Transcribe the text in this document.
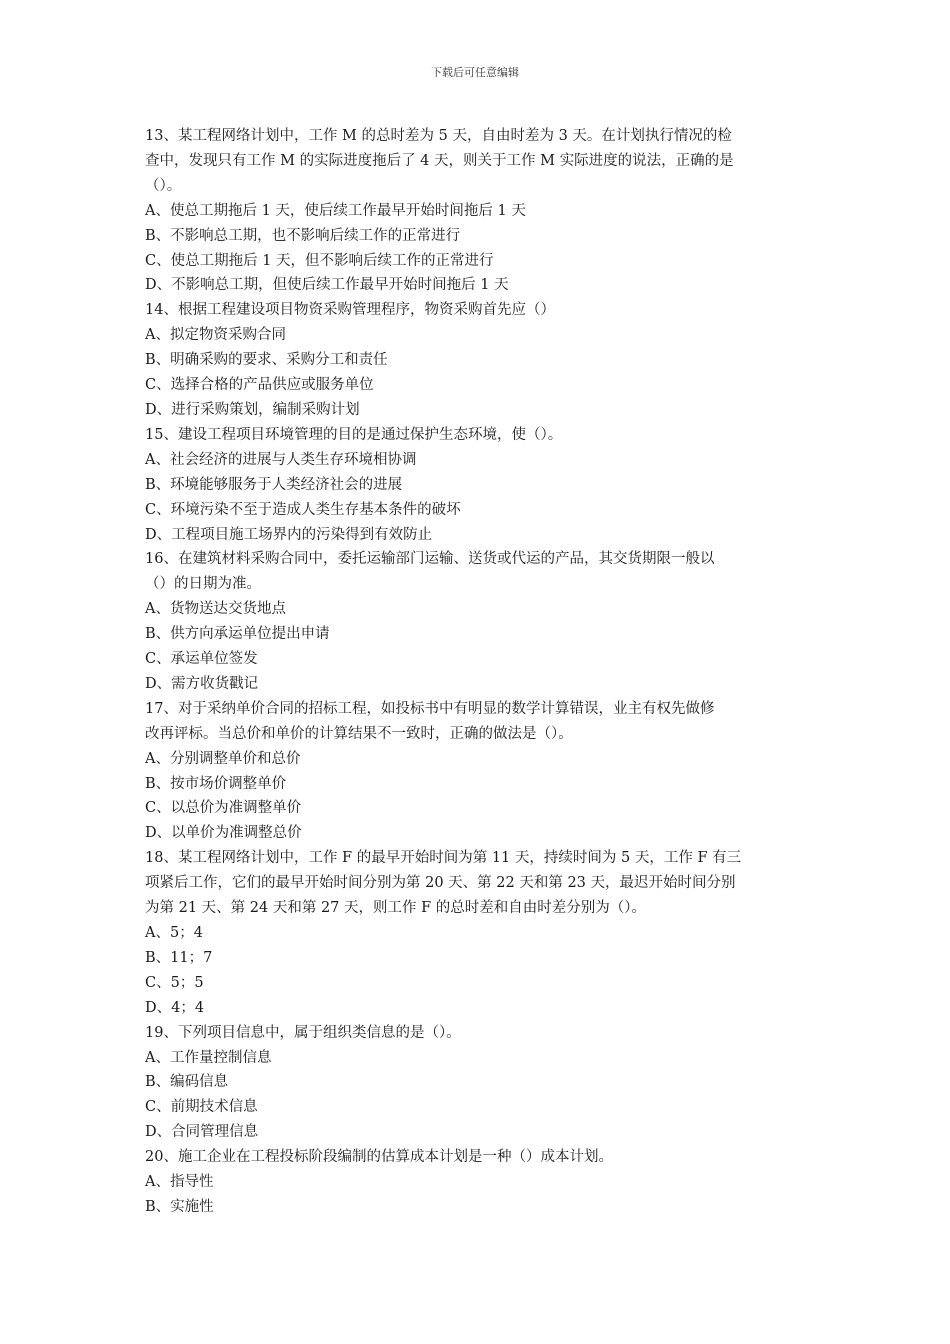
下载后可任意编辑
13、某工程网络计划中，工作 M 的总时差为 5 天，自由时差为 3 天。在计划执行情况的检
查中，发现只有工作 M 的实际进度拖后了 4 天，则关于工作 M 实际进度的说法，正确的是
（）。
A、使总工期拖后 1 天，使后续工作最早开始时间拖后 1 天
B、不影响总工期，也不影响后续工作的正常进行
C、使总工期拖后 1 天，但不影响后续工作的正常进行
D、不影响总工期，但使后续工作最早开始时间拖后 1 天
14、根据工程建设项目物资采购管理程序，物资采购首先应（）
A、拟定物资采购合同
B、明确采购的要求、采购分工和责任
C、选择合格的产品供应或服务单位
D、进行采购策划，编制采购计划
15、建设工程项目环境管理的目的是通过保护生态环境，使（）。
A、社会经济的进展与人类生存环境相协调
B、环境能够服务于人类经济社会的进展
C、环境污染不至于造成人类生存基本条件的破坏
D、工程项目施工场界内的污染得到有效防止
16、在建筑材料采购合同中，委托运输部门运输、送货或代运的产品，其交货期限一般以
（）的日期为准。
A、货物送达交货地点
B、供方向承运单位提出申请
C、承运单位签发
D、需方收货戳记
17、对于采纳单价合同的招标工程，如投标书中有明显的数学计算错误，业主有权先做修
改再评标。当总价和单价的计算结果不一致时，正确的做法是（）。
A、分别调整单价和总价
B、按市场价调整单价
C、以总价为准调整单价
D、以单价为准调整总价
18、某工程网络计划中，工作 F 的最早开始时间为第 11 天，持续时间为 5 天，工作 F 有三
项紧后工作，它们的最早开始时间分别为第 20 天、第 22 天和第 23 天，最迟开始时间分别
为第 21 天、第 24 天和第 27 天，则工作 F 的总时差和自由时差分别为（）。
A、5；4
B、11；7
C、5；5
D、4；4
19、下列项目信息中，属于组织类信息的是（）。
A、工作量控制信息
B、编码信息
C、前期技术信息
D、合同管理信息
20、施工企业在工程投标阶段编制的估算成本计划是一种（）成本计划。
A、指导性
B、实施性
